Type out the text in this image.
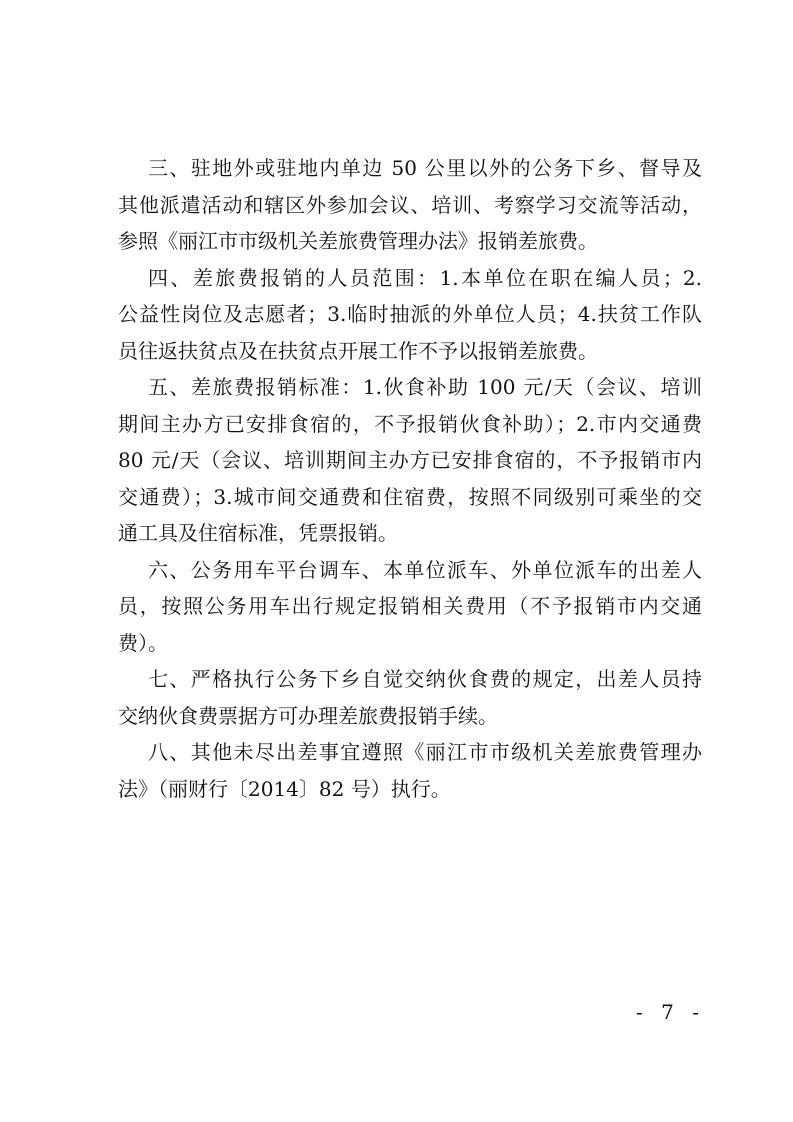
三、驻地外或驻地内单边 50 公里以外的公务下乡、督导及
其他派遣活动和辖区外参加会议、培训、考察学习交流等活动，
参照《丽江市市级机关差旅费管理办法》报销差旅费。
四、差旅费报销的人员范围：1.本单位在职在编人员；2.
公益性岗位及志愿者；3.临时抽派的外单位人员；4.扶贫工作队
员往返扶贫点及在扶贫点开展工作不予以报销差旅费。
五、差旅费报销标准：1.伙食补助 100 元/天（会议、培训
期间主办方已安排食宿的，不予报销伙食补助）；2.市内交通费
80 元/天（会议、培训期间主办方已安排食宿的，不予报销市内
交通费）；3.城市间交通费和住宿费，按照不同级别可乘坐的交
通工具及住宿标准，凭票报销。
六、公务用车平台调车、本单位派车、外单位派车的出差人
员，按照公务用车出行规定报销相关费用（不予报销市内交通
费）。
七、严格执行公务下乡自觉交纳伙食费的规定，出差人员持
交纳伙食费票据方可办理差旅费报销手续。
八、其他未尽出差事宜遵照《丽江市市级机关差旅费管理办
法》（丽财行〔2014〕82 号）执行。
- 7 -
